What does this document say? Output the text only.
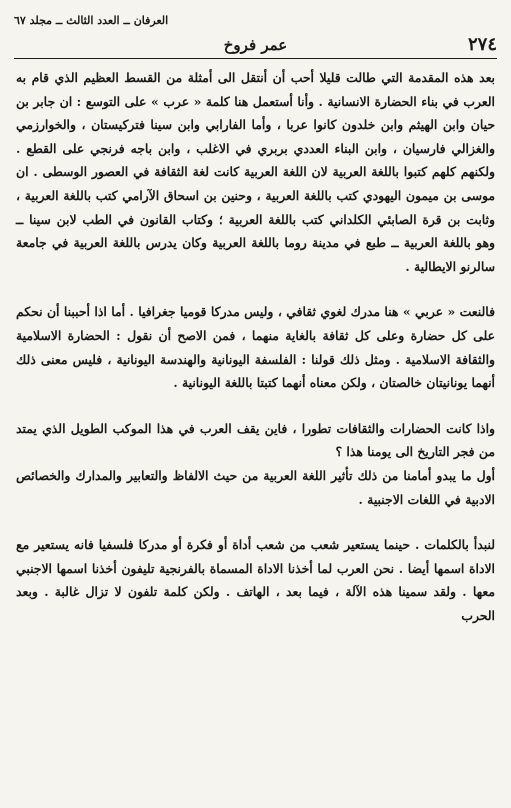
العرفان ــ العدد الثالث ــ مجلد ٦٧
٢٧٤
عمر فروخ

بعد هذه المقدمة التي طالت قليلا أحب أن أنتقل الى أمثلة من القسط العظيم الذي قام به العرب في بناء الحضارة الانسانية . وأنا أستعمل هنا كلمة « عرب » على التوسع : ان جابر بن حيان وابن الهيثم وابن خلدون كانوا عربا ، وأما الفارابي وابن سينا فتركيستان ، والخوارزمي والغزالي فارسيان ، وابن البناء العددي بربري في الاغلب ، وابن باجه فرنجي على القطع . ولكنهم كلهم كتبوا باللغة العربية لان اللغة العربية كانت لغة الثقافة في العصور الوسطى . ان موسى بن ميمون اليهودي كتب باللغة العربية ، وحنين بن اسحاق الآرامي كتب باللغة العربية ، وثابت بن قرة الصابئي الكلداني كتب باللغة العربية ؛ وكتاب القانون في الطب لابن سينا ــ وهو باللغة العربية ــ طبع في مدينة روما باللغة العربية وكان يدرس باللغة العربية في جامعة سالرنو الايطالية .

فالنعت « عربي » هنا مدرك لغوي ثقافي ، وليس مدركا قوميا جغرافيا . أما اذا أحببنا أن نحكم على كل حضارة وعلى كل ثقافة بالغاية منهما ، فمن الاصح أن نقول : الحضارة الاسلامية والثقافة الاسلامية . ومثل ذلك قولنا : الفلسفة اليونانية والهندسة اليونانية ، فليس معنى ذلك أنهما يونانيتان خالصتان ، ولكن معناه أنهما كتبتا باللغة اليونانية .

واذا كانت الحضارات والثقافات تطورا ، فاين يقف العرب في هذا الموكب الطويل الذي يمتد من فجر التاريخ الى يومنا هذا ؟

أول ما يبدو أمامنا من ذلك تأثير اللغة العربية من حيث الالفاظ والتعابير والمدارك والخصائص الادبية في اللغات الاجنبية .

لنبدأ بالكلمات . حينما يستعير شعب من شعب أداة أو فكرة أو مدركا فلسفيا فانه يستعير مع الاداة اسمها أيضا . نحن العرب لما أخذنا الاداة المسماة بالفرنجية تليفون أخذنا اسمها الاجنبي معها . ولقد سمينا هذه الآلة ، فيما بعد ، الهاتف . ولكن كلمة تلفون لا تزال غالبة . وبعد الحرب
